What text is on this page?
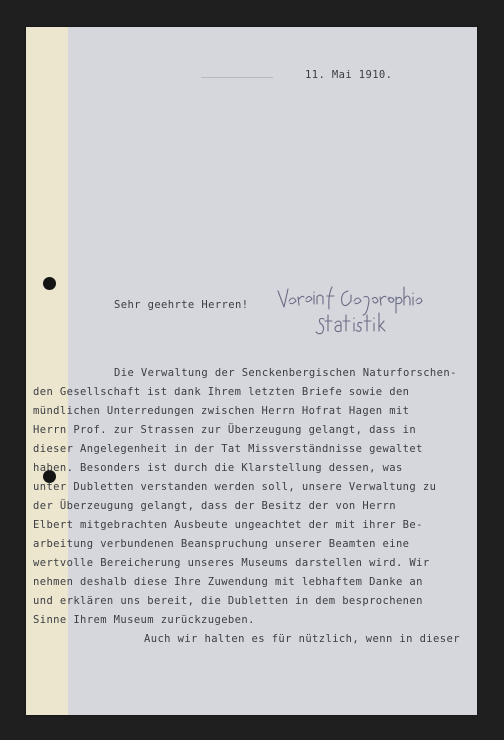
11. Mai 1910.
Sehr geehrte Herren!
Die Verwaltung der Senckenbergischen Naturforschen-
den Gesellschaft ist dank Ihrem letzten Briefe sowie den
mündlichen Unterredungen zwischen Herrn Hofrat Hagen mit
Herrn Prof. zur Strassen zur Überzeugung gelangt, dass in
dieser Angelegenheit in der Tat Missverständnisse gewaltet
haben. Besonders ist durch die Klarstellung dessen, was
unter Dubletten verstanden werden soll, unsere Verwaltung zu
der Überzeugung gelangt, dass der Besitz der von Herrn
Elbert mitgebrachten Ausbeute ungeachtet der mit ihrer Be-
arbeitung verbundenen Beanspruchung unserer Beamten eine
wertvolle Bereicherung unseres Museums darstellen wird. Wir
nehmen deshalb diese Ihre Zuwendung mit lebhaftem Danke an
und erklären uns bereit, die Dubletten in dem besprochenen
Sinne Ihrem Museum zurückzugeben.
Auch wir halten es für nützlich, wenn in dieser
